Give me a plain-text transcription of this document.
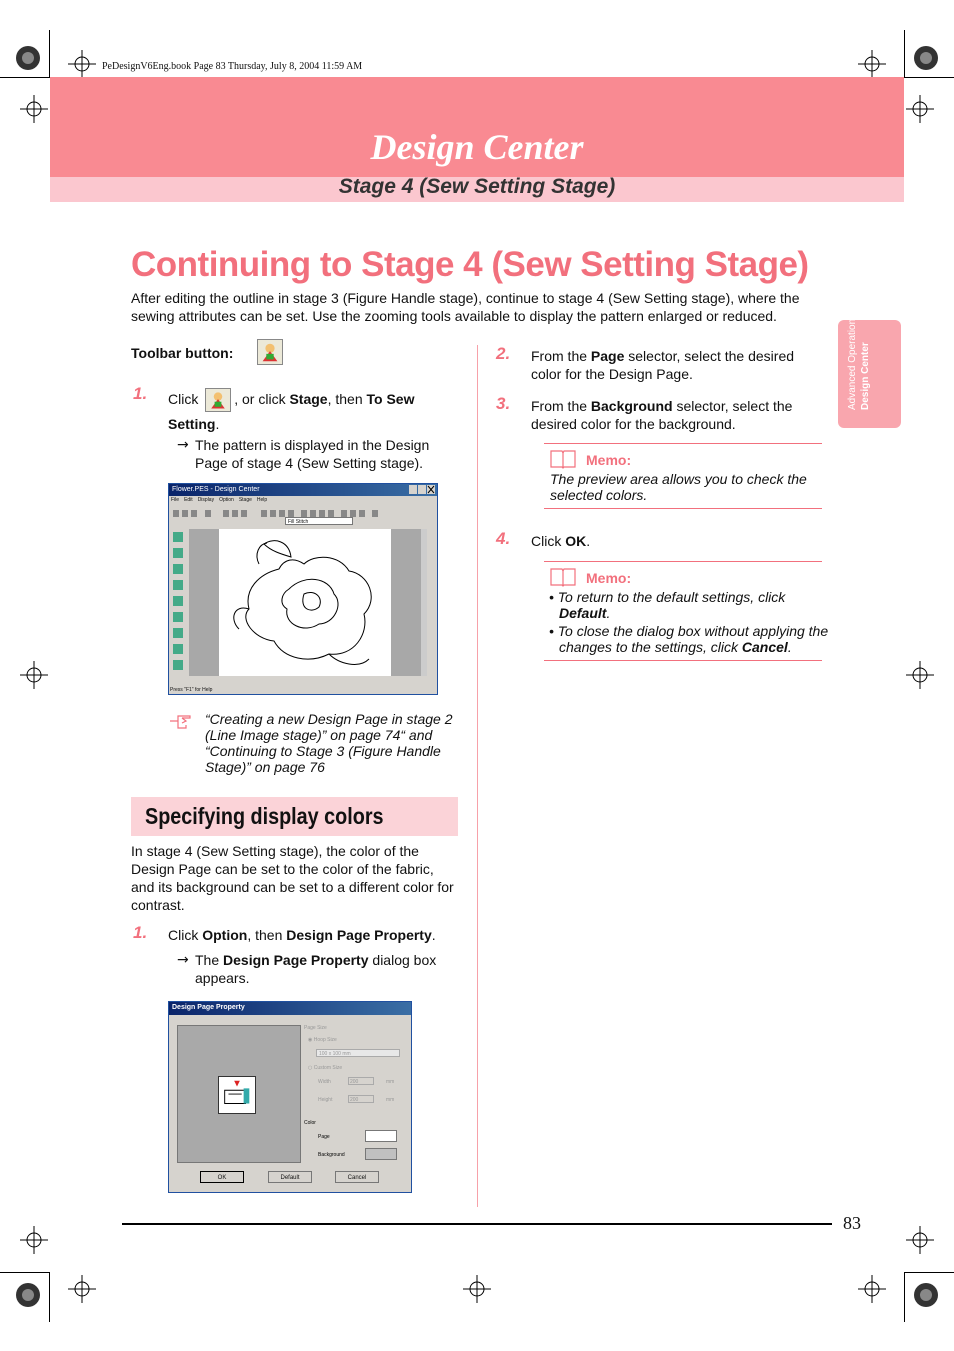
PeDesignV6Eng.book Page 83 Thursday, July 8, 2004 11:59 AM
Design Center
Stage 4 (Sew Setting Stage)
Advanced Operation Design Center
Continuing to Stage 4 (Sew Setting Stage)
After editing the outline in stage 3 (Figure Handle stage), continue to stage 4 (Sew Setting stage), where the sewing attributes can be set. Use the zooming tools available to display the pattern enlarged or reduced.
Toolbar button:
1. Click	, or click Stage, then To Sew
Setting.
→ The pattern is displayed in the Design Page of stage 4 (Sew Setting stage).
Flower.PES - Design Center
File Edit Display Option Stage Help
Fill Stitch
Press "F1" for Help
“Creating a new Design Page in stage 2 (Line Image stage)” on page 74“ and “Continuing to Stage 3 (Figure Handle Stage)” on page 76
Specifying display colors
In stage 4 (Sew Setting stage), the color of the Design Page can be set to the color of the fabric, and its background can be set to a different color for contrast.
1. Click Option, then Design Page Property.
→ The Design Page Property dialog box appears.
Design Page Property
Page Size
◉ Hoop Size
100 x 100 mm
○ Custom Size
Width	200	mm
Height	200	mm
Color
Page
Background
OK	Default	Cancel
2. From the Page selector, select the desired color for the Design Page.
3. From the Background selector, select the desired color for the background.
Memo:
The preview area allows you to check the selected colors.
4. Click OK.
Memo:
• To return to the default settings, click Default.
• To close the dialog box without applying the changes to the settings, click Cancel.
83
